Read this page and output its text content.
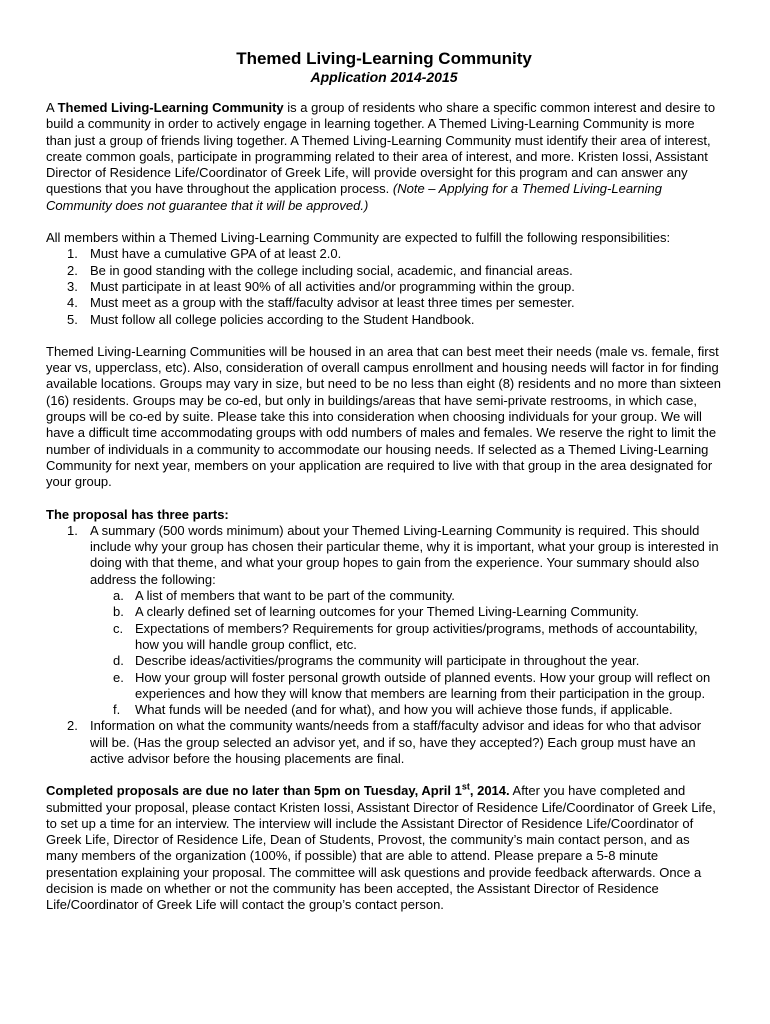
Themed Living-Learning Community
Application 2014-2015

A Themed Living-Learning Community is a group of residents who share a specific common interest and desire to build a community in order to actively engage in learning together. A Themed Living-Learning Community is more than just a group of friends living together. A Themed Living-Learning Community must identify their area of interest, create common goals, participate in programming related to their area of interest, and more. Kristen Iossi, Assistant Director of Residence Life/Coordinator of Greek Life, will provide oversight for this program and can answer any questions that you have throughout the application process. (Note – Applying for a Themed Living-Learning Community does not guarantee that it will be approved.)

All members within a Themed Living-Learning Community are expected to fulfill the following responsibilities:

1. Must have a cumulative GPA of at least 2.0.
2. Be in good standing with the college including social, academic, and financial areas.
3. Must participate in at least 90% of all activities and/or programming within the group.
4. Must meet as a group with the staff/faculty advisor at least three times per semester.
5. Must follow all college policies according to the Student Handbook.

Themed Living-Learning Communities will be housed in an area that can best meet their needs (male vs. female, first year vs, upperclass, etc). Also, consideration of overall campus enrollment and housing needs will factor in for finding available locations. Groups may vary in size, but need to be no less than eight (8) residents and no more than sixteen (16) residents. Groups may be co-ed, but only in buildings/areas that have semi-private restrooms, in which case, groups will be co-ed by suite. Please take this into consideration when choosing individuals for your group. We will have a difficult time accommodating groups with odd numbers of males and females. We reserve the right to limit the number of individuals in a community to accommodate our housing needs. If selected as a Themed Living-Learning Community for next year, members on your application are required to live with that group in the area designated for your group.

The proposal has three parts:

1. A summary (500 words minimum) about your Themed Living-Learning Community is required. This should include why your group has chosen their particular theme, why it is important, what your group is interested in doing with that theme, and what your group hopes to gain from the experience. Your summary should also address the following:
a. A list of members that want to be part of the community.
b. A clearly defined set of learning outcomes for your Themed Living-Learning Community.
c. Expectations of members? Requirements for group activities/programs, methods of accountability, how you will handle group conflict, etc.
d. Describe ideas/activities/programs the community will participate in throughout the year.
e. How your group will foster personal growth outside of planned events. How your group will reflect on experiences and how they will know that members are learning from their participation in the group.
f. What funds will be needed (and for what), and how you will achieve those funds, if applicable.
2. Information on what the community wants/needs from a staff/faculty advisor and ideas for who that advisor will be. (Has the group selected an advisor yet, and if so, have they accepted?) Each group must have an active advisor before the housing placements are final.

Completed proposals are due no later than 5pm on Tuesday, April 1st, 2014. After you have completed and submitted your proposal, please contact Kristen Iossi, Assistant Director of Residence Life/Coordinator of Greek Life, to set up a time for an interview. The interview will include the Assistant Director of Residence Life/Coordinator of Greek Life, Director of Residence Life, Dean of Students, Provost, the community’s main contact person, and as many members of the organization (100%, if possible) that are able to attend. Please prepare a 5-8 minute presentation explaining your proposal. The committee will ask questions and provide feedback afterwards. Once a decision is made on whether or not the community has been accepted, the Assistant Director of Residence Life/Coordinator of Greek Life will contact the group’s contact person.
